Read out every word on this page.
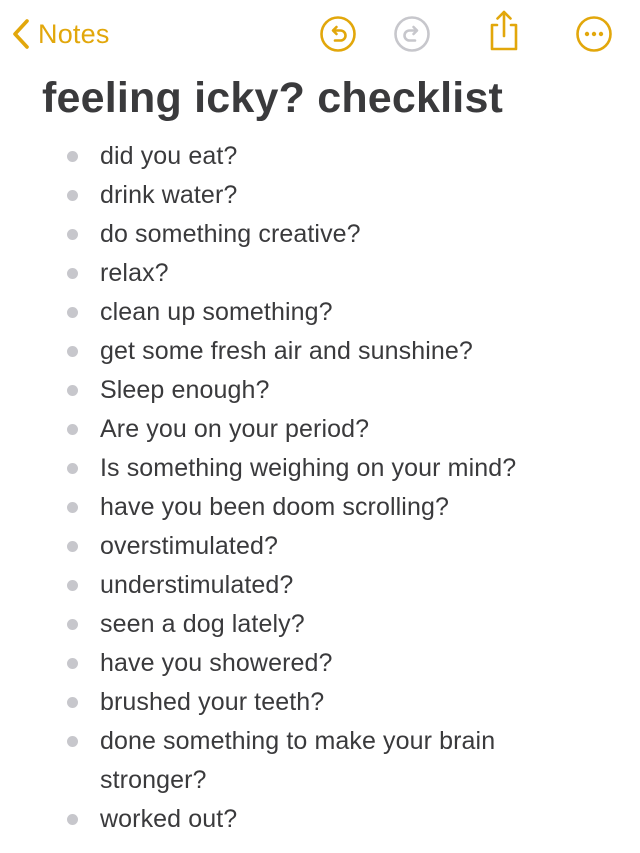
Notes
feeling icky? checklist
did you eat?
drink water?
do something creative?
relax?
clean up something?
get some fresh air and sunshine?
Sleep enough?
Are you on your period?
Is something weighing on your mind?
have you been doom scrolling?
overstimulated?
understimulated?
seen a dog lately?
have you showered?
brushed your teeth?
done something to make your brain stronger?
worked out?
